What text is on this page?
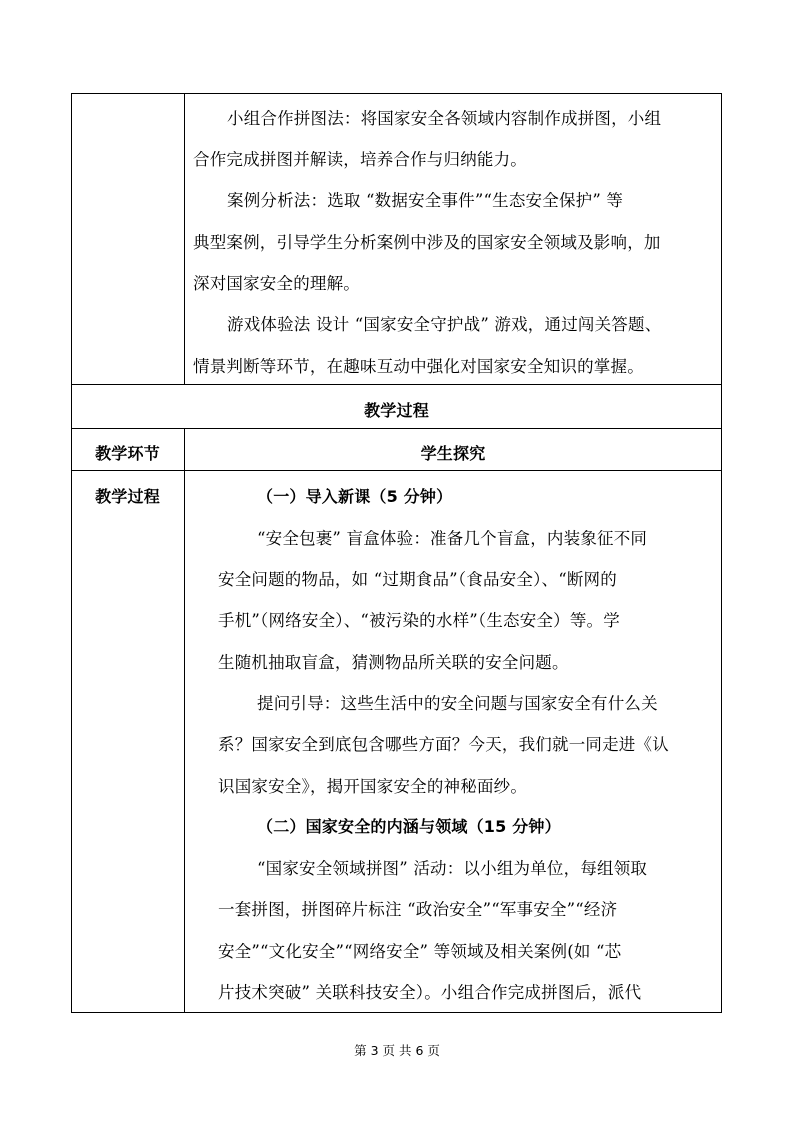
小组合作拼图法：将国家安全各领域内容制作成拼图，小组
合作完成拼图并解读，培养合作与归纳能力。
案例分析法：选取 “数据安全事件”“生态安全保护” 等
典型案例，引导学生分析案例中涉及的国家安全领域及影响，加
深对国家安全的理解。
游戏体验法 设计 “国家安全守护战” 游戏，通过闯关答题、
情景判断等环节，在趣味互动中强化对国家安全知识的掌握。
教学过程
教学环节	学生探究
教学过程	（一）导入新课（5 分钟）
“安全包裹” 盲盒体验：准备几个盲盒，内装象征不同
安全问题的物品，如 “过期食品”（食品安全）、“断网的
手机”（网络安全）、“被污染的水样”（生态安全）等。学
生随机抽取盲盒，猜测物品所关联的安全问题。
提问引导：这些生活中的安全问题与国家安全有什么关
系？国家安全到底包含哪些方面？今天，我们就一同走进《认
识国家安全》，揭开国家安全的神秘面纱。
（二）国家安全的内涵与领域（15 分钟）
“国家安全领域拼图” 活动：以小组为单位，每组领取
一套拼图，拼图碎片标注 “政治安全”“军事安全”“经济
安全”“文化安全”“网络安全” 等领域及相关案例(如 “芯
片技术突破” 关联科技安全）。小组合作完成拼图后，派代
第 3 页 共 6 页
